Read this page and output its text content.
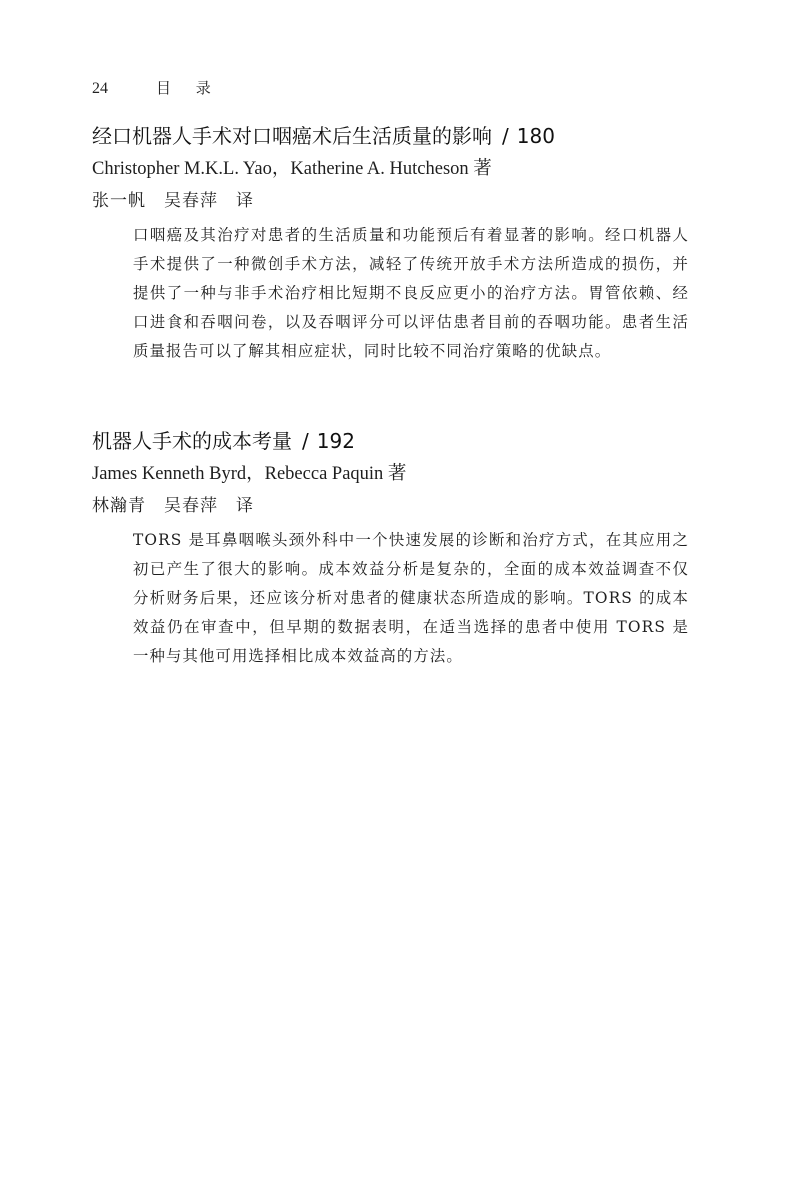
24	目 录
经口机器人手术对口咽癌术后生活质量的影响 / 180
Christopher M.K.L. Yao，Katherine A. Hutcheson 著
张一帆　吴春萍　译
口咽癌及其治疗对患者的生活质量和功能预后有着显著的影响。经口机器人手术提供了一种微创手术方法，减轻了传统开放手术方法所造成的损伤，并提供了一种与非手术治疗相比短期不良反应更小的治疗方法。胃管依赖、经口进食和吞咽问卷，以及吞咽评分可以评估患者目前的吞咽功能。患者生活质量报告可以了解其相应症状，同时比较不同治疗策略的优缺点。
机器人手术的成本考量 / 192
James Kenneth Byrd，Rebecca Paquin 著
林瀚青　吴春萍　译
TORS 是耳鼻咽喉头颈外科中一个快速发展的诊断和治疗方式，在其应用之初已产生了很大的影响。成本效益分析是复杂的，全面的成本效益调查不仅分析财务后果，还应该分析对患者的健康状态所造成的影响。TORS 的成本效益仍在审查中，但早期的数据表明，在适当选择的患者中使用 TORS 是一种与其他可用选择相比成本效益高的方法。
